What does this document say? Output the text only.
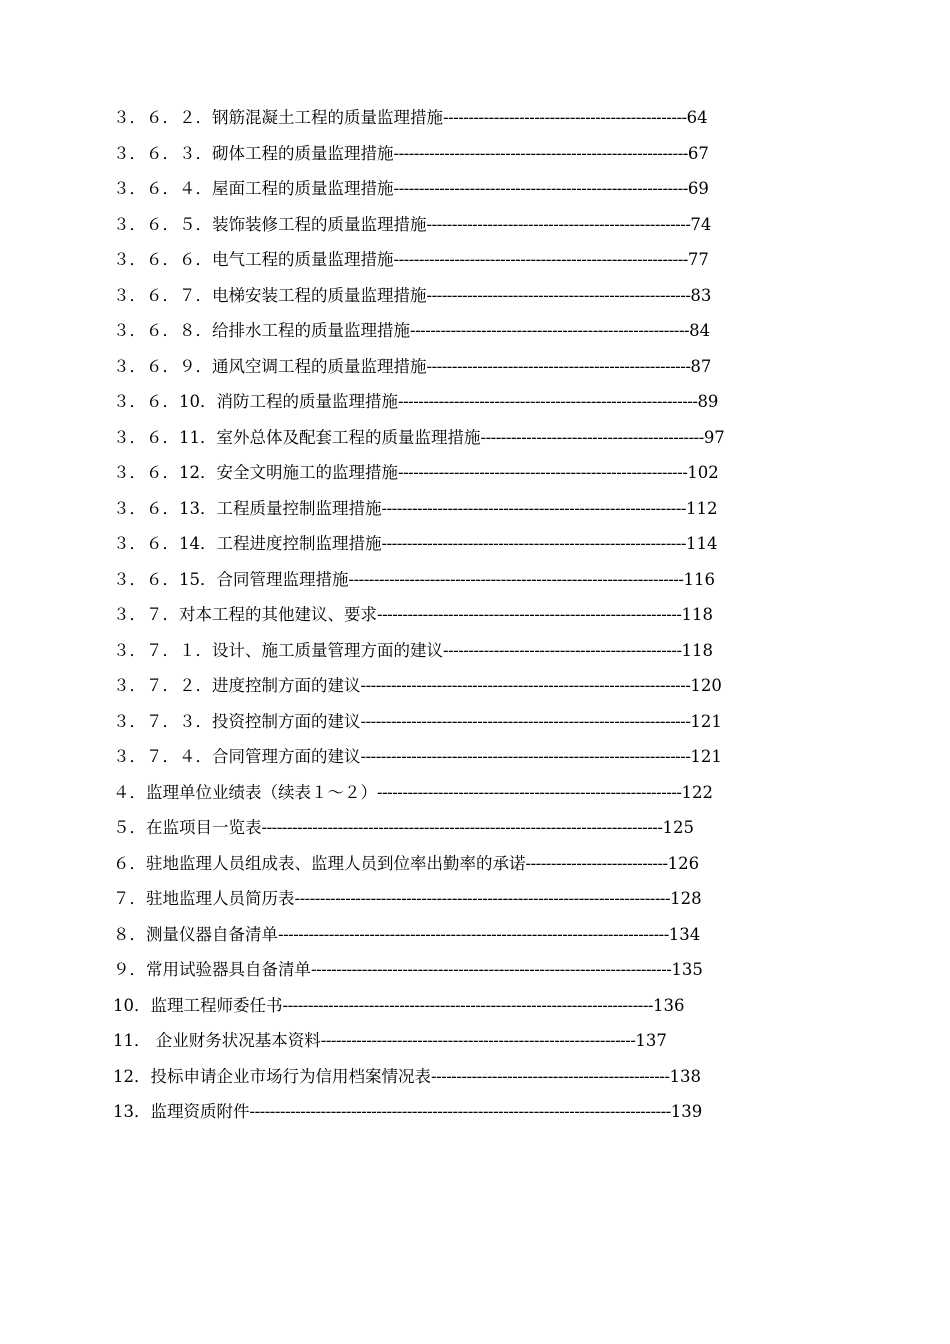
３．６．２．钢筋混凝土工程的质量监理措施------------------------------------------------64
３．６．３．砌体工程的质量监理措施----------------------------------------------------------67
３．６．４．屋面工程的质量监理措施----------------------------------------------------------69
３．６．５．装饰装修工程的质量监理措施----------------------------------------------------74
３．６．６．电气工程的质量监理措施----------------------------------------------------------77
３．６．７．电梯安装工程的质量监理措施----------------------------------------------------83
３．６．８．给排水工程的质量监理措施-------------------------------------------------------84
３．６．９．通风空调工程的质量监理措施----------------------------------------------------87
３．６．10．消防工程的质量监理措施-----------------------------------------------------------89
３．６．11．室外总体及配套工程的质量监理措施--------------------------------------------97
３．６．12．安全文明施工的监理措施---------------------------------------------------------102
３．６．13．工程质量控制监理措施------------------------------------------------------------112
３．６．14．工程进度控制监理措施------------------------------------------------------------114
３．６．15．合同管理监理措施------------------------------------------------------------------116
３．７．对本工程的其他建议、要求------------------------------------------------------------118
３．７．１．设计、施工质量管理方面的建议-----------------------------------------------118
３．７．２．进度控制方面的建议-----------------------------------------------------------------120
３．７．３．投资控制方面的建议-----------------------------------------------------------------121
３．７．４．合同管理方面的建议-----------------------------------------------------------------121
４．监理单位业绩表（续表１～２）------------------------------------------------------------122
５．在监项目一览表-------------------------------------------------------------------------------125
６．驻地监理人员组成表、监理人员到位率出勤率的承诺----------------------------126
７．驻地监理人员简历表--------------------------------------------------------------------------128
８．测量仪器自备清单-----------------------------------------------------------------------------134
９．常用试验器具自备清单-----------------------------------------------------------------------135
10．监理工程师委任书-------------------------------------------------------------------------136
11． 企业财务状况基本资料--------------------------------------------------------------137
12．投标申请企业市场行为信用档案情况表-----------------------------------------------138
13．监理资质附件-----------------------------------------------------------------------------------139
